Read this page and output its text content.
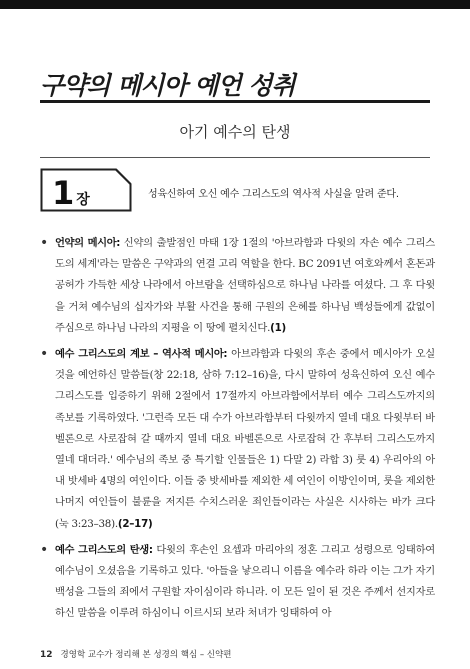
구약의 메시아 예언 성취
아기 예수의 탄생
1 장	성육신하여 오신 예수 그리스도의 역사적 사실을 알려 준다.
• 언약의 메시아: 신약의 출발점인 마태 1장 1절의 '아브라함과 다윗의 자손 예수 그리스도의 세계'라는 말씀은 구약과의 연결 고리 역할을 한다. BC 2091년 여호와께서 혼돈과 공허가 가득한 세상 나라에서 아브람을 선택하심으로 하나님 나라를 여셨다. 그 후 다윗을 거쳐 예수님의 십자가와 부활 사건을 통해 구원의 은혜를 하나님 백성들에게 값없이 주심으로 하나님 나라의 지평을 이 땅에 펼치신다.(1)

• 예수 그리스도의 계보 – 역사적 메시아: 아브라함과 다윗의 후손 중에서 메시아가 오실 것을 예언하신 말씀들(창 22:18, 삼하 7:12–16)을, 다시 말하여 성육신하여 오신 예수 그리스도를 입증하기 위해 2절에서 17절까지 아브라함에서부터 예수 그리스도까지의 족보를 기록하였다. '그런즉 모든 대 수가 아브라함부터 다윗까지 열네 대요 다윗부터 바벨론으로 사로잡혀 갈 때까지 열네 대요 바벨론으로 사로잡혀 간 후부터 그리스도까지 열네 대더라.' 예수님의 족보 중 특기할 인물들은 1) 다말 2) 라합 3) 룻 4) 우리아의 아내 밧세바 4명의 여인이다. 이들 중 밧세바를 제외한 세 여인이 이방인이며, 룻을 제외한 나머지 여인들이 불륜을 저지른 수치스러운 죄인들이라는 사실은 시사하는 바가 크다(눅 3:23–38).(2–17)

• 예수 그리스도의 탄생: 다윗의 후손인 요셉과 마리아의 정혼 그리고 성령으로 잉태하여 예수님이 오셨음을 기록하고 있다. '아들을 낳으리니 이름을 예수라 하라 이는 그가 자기 백성을 그들의 죄에서 구원할 자이심이라 하니라. 이 모든 일이 된 것은 주께서 선지자로 하신 말씀을 이루려 하심이니 이르시되 보라 처녀가 잉태하여 아

12 경영학 교수가 정리해 본 성경의 핵심 – 신약편
